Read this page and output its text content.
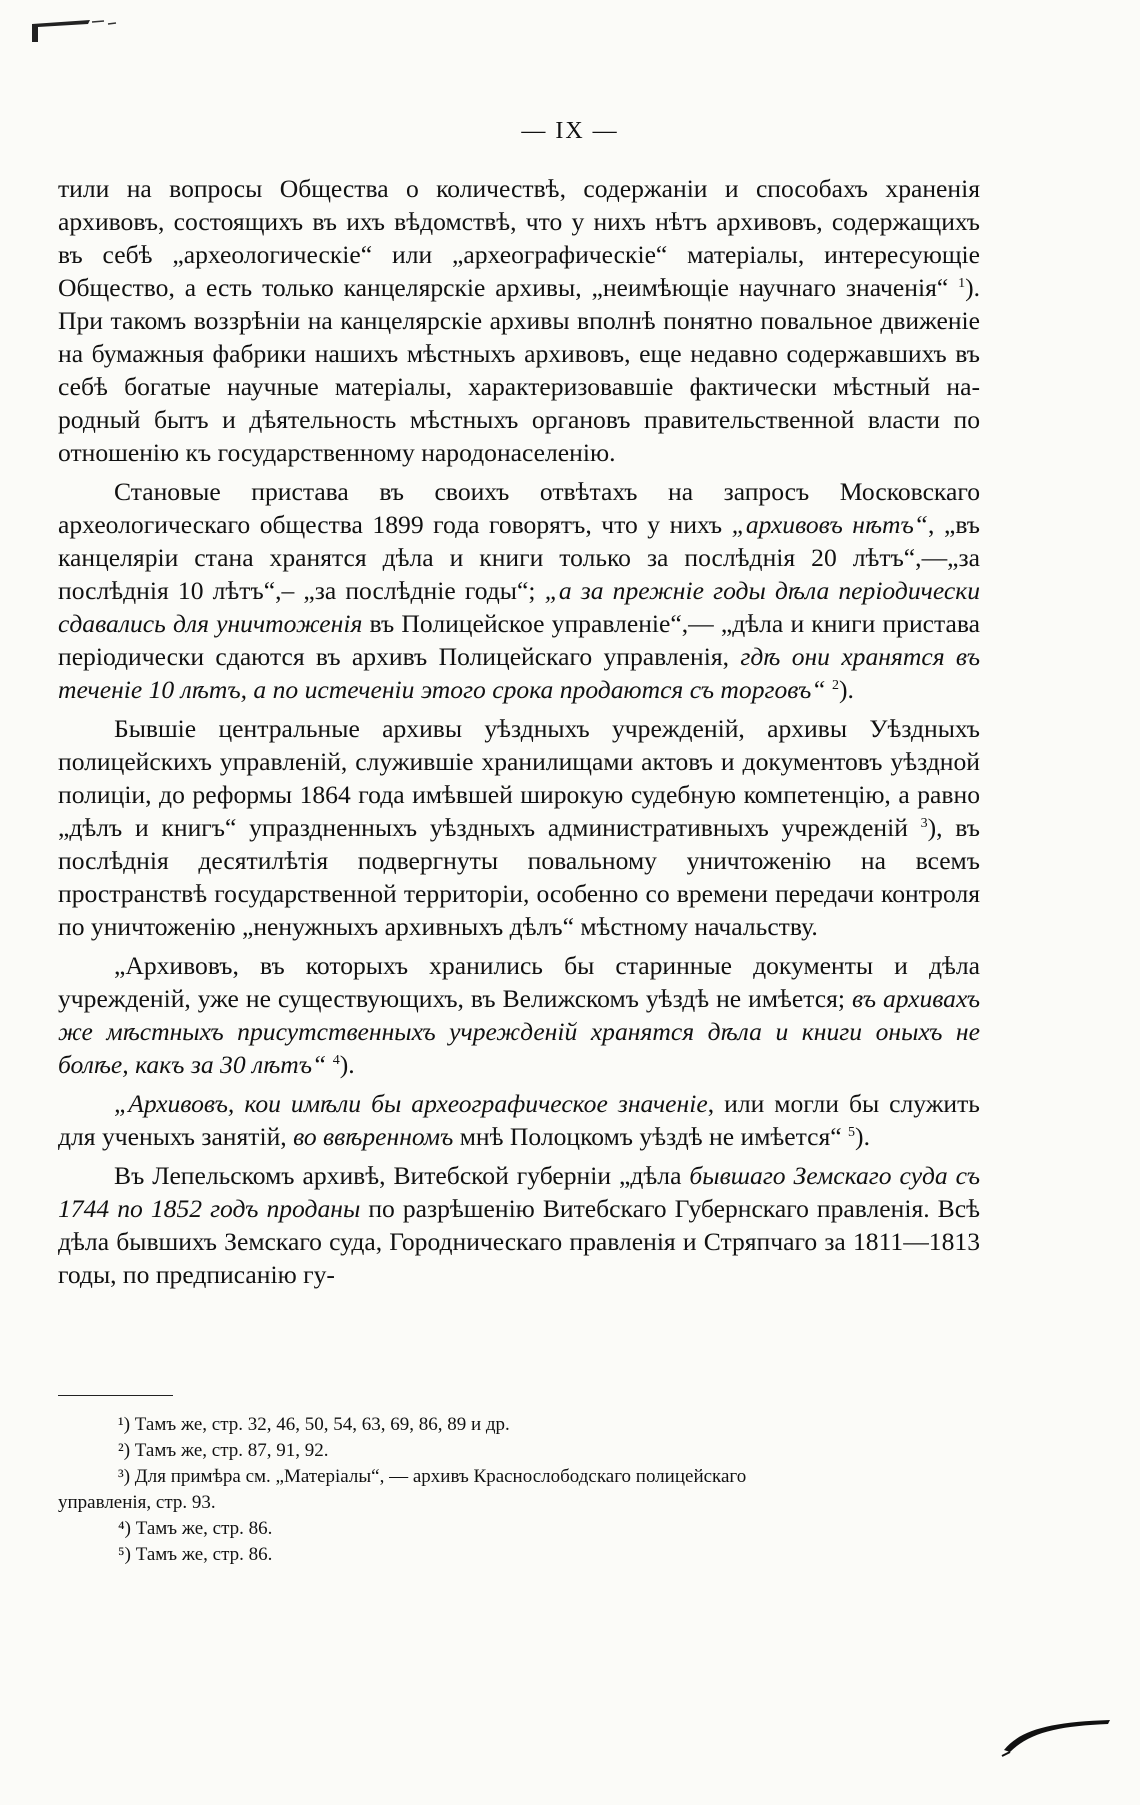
— IX —

тили на вопросы Общества о количествѣ, содержаніи и способахъ храненія архивовъ, состоящихъ въ ихъ вѣдомствѣ, что у нихъ нѣтъ архивовъ, содержащихъ въ себѣ „археологическіе“ или „археографическіе“ матеріалы, интересующіе Общество, а есть только канцелярскіе архивы, „неимѣющіе научнаго значенія“ $^1$). При такомъ воззрѣніи на канцелярскіе архивы вполнѣ понятно повальное движеніе на бумажныя фабрики нашихъ мѣстныхъ архивовъ, еще недавно содержавшихъ въ себѣ богатые научные матеріалы, характеризовавшіе фактически мѣстный народный бытъ и дѣятельность мѣстныхъ органовъ правительственной власти по отношенію къ государственному народонаселенію.

Становые пристава въ своихъ отвѣтахъ на запросъ Московскаго археологическаго общества 1899 года говорятъ, что у нихъ „архивовъ нѣтъ“, „въ канцеляріи стана хранятся дѣла и книги только за послѣднія 20 лѣтъ“,—„за послѣднія 10 лѣтъ“,– „за послѣдніе годы“; „а за прежніе годы дѣла періодически сдавались для уничтоженія въ Полицейское управленіе“,— „дѣла и книги пристава періодически сдаются въ архивъ Полицейскаго управленія, гдѣ они хранятся въ теченіе 10 лѣтъ, а по истеченіи этого срока продаются съ торговъ“ $^2$).

Бывшіе центральные архивы уѣздныхъ учрежденій, архивы Уѣздныхъ полицейскихъ управленій, служившіе хранилищами актовъ и документовъ уѣздной полиціи, до реформы 1864 года имѣвшей широкую судебную компетенцію, а равно „дѣлъ и книгъ“ упраздненныхъ уѣздныхъ административныхъ учрежденій $^3$), въ послѣднія десятилѣтія подвергнуты повальному уничтоженію на всемъ пространствѣ государственной территоріи, особенно со времени передачи контроля по уничтоженію „ненужныхъ архивныхъ дѣлъ“ мѣстному начальству.

„Архивовъ, въ которыхъ хранились бы старинные документы и дѣла учрежденій, уже не существующихъ, въ Велижскомъ уѣздѣ не имѣется; въ архивахъ же мѣстныхъ присутственныхъ учрежденій хранятся дѣла и книги оныхъ не болѣе, какъ за 30 лѣтъ“ $^4$).

„Архивовъ, кои имѣли бы археографическое значеніе, или могли бы служить для ученыхъ занятій, во ввѣренномъ мнѣ Полоцкомъ уѣздѣ не имѣется“ $^5$).

Въ Лепельскомъ архивѣ, Витебской губерніи „дѣла бывшаго Земскаго суда съ 1744 по 1852 годъ проданы по разрѣшенію Витебскаго Губернскаго правленія. Всѣ дѣла бывшихъ Земскаго суда, Городническаго правленія и Стряпчаго за 1811—1813 годы, по предписанію гу-

¹) Тамъ же, стр. 32, 46, 50, 54, 63, 69, 86, 89 и др.

²) Тамъ же, стр. 87, 91, 92.

³) Для примѣра см. „Матеріалы“, — архивъ Краснослободскаго полицейскаго

управленія, стр. 93.

⁴) Тамъ же, стр. 86.

⁵) Тамъ же, стр. 86.
